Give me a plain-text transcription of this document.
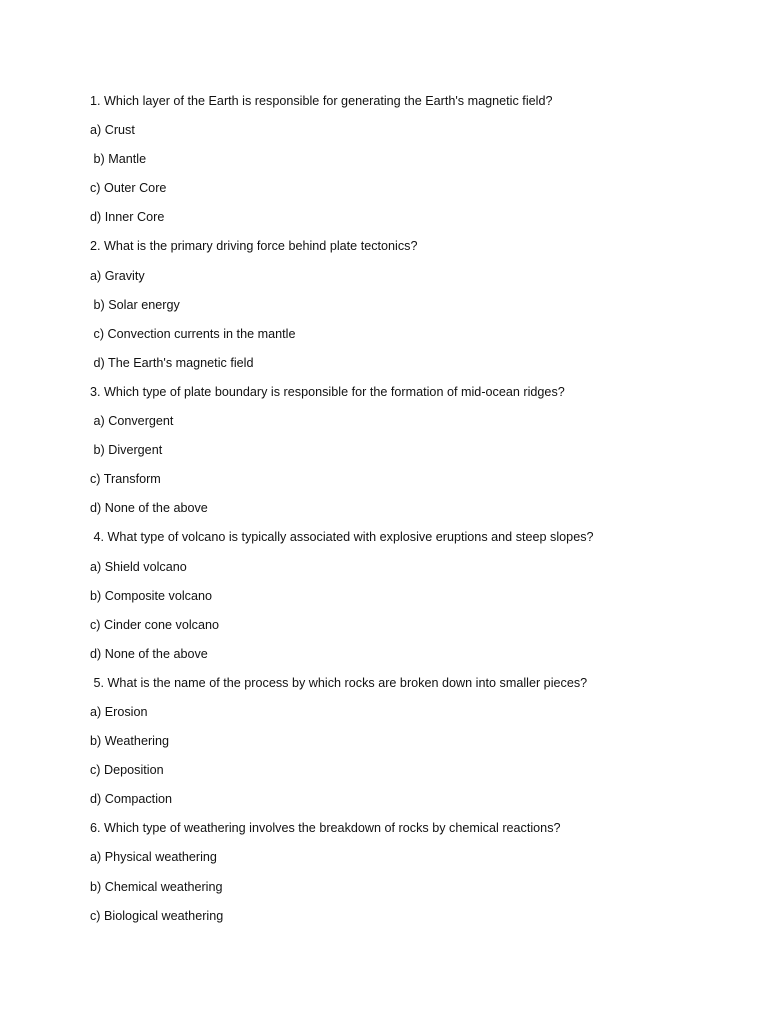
1. Which layer of the Earth is responsible for generating the Earth's magnetic field?
a) Crust
b) Mantle
c) Outer Core
d) Inner Core
2. What is the primary driving force behind plate tectonics?
a) Gravity
b) Solar energy
c) Convection currents in the mantle
d) The Earth's magnetic field
3. Which type of plate boundary is responsible for the formation of mid-ocean ridges?
a) Convergent
b) Divergent
c) Transform
d) None of the above
4. What type of volcano is typically associated with explosive eruptions and steep slopes?
a) Shield volcano
b) Composite volcano
c) Cinder cone volcano
d) None of the above
5. What is the name of the process by which rocks are broken down into smaller pieces?
a) Erosion
b) Weathering
c) Deposition
d) Compaction
6. Which type of weathering involves the breakdown of rocks by chemical reactions?
a) Physical weathering
b) Chemical weathering
c) Biological weathering
